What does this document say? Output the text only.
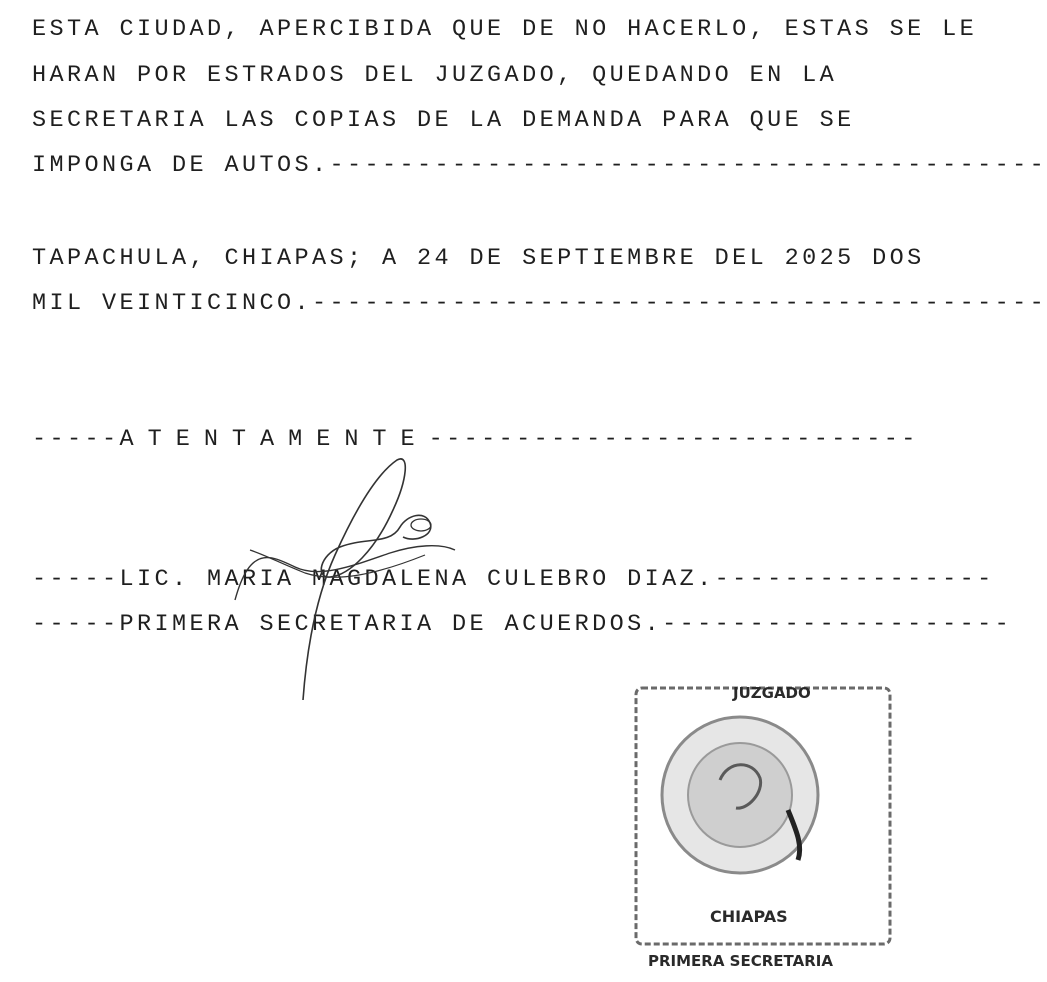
ESTA CIUDAD, APERCIBIDA QUE DE NO HACERLO, ESTAS SE LE
HARAN POR ESTRADOS DEL JUZGADO, QUEDANDO EN LA
SECRETARIA LAS COPIAS DE LA DEMANDA PARA QUE SE
IMPONGA DE AUTOS.-----------------------------------------
TAPACHULA, CHIAPAS; A 24 DE SEPTIEMBRE DEL 2025 DOS
MIL VEINTICINCO.------------------------------------------
-----ATENTAMENTE----------------------------
-----LIC. MARIA MAGDALENA CULEBRO DIAZ.----------------
-----PRIMERA SECRETARIA DE ACUERDOS.--------------------
JUZGADO
CHIAPAS
PRIMERA SECRETARIA
